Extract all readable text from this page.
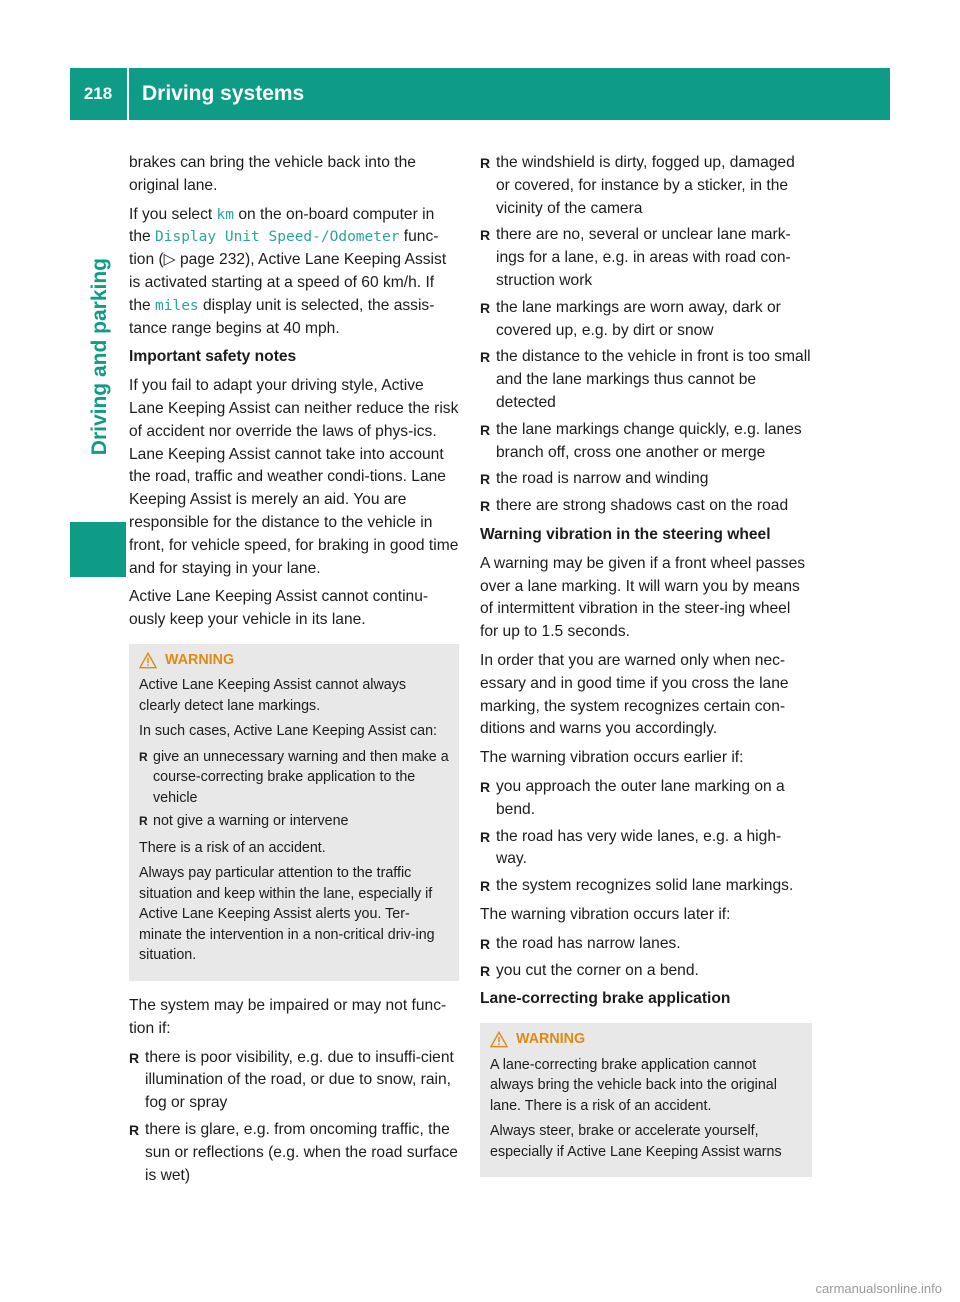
218	Driving systems
Driving and parking

brakes can bring the vehicle back into the original lane.

If you select km on the on-board computer in the Display Unit Speed-/Odometer func-tion (▷ page 232), Active Lane Keeping Assist is activated starting at a speed of 60 km/h. If the miles display unit is selected, the assis-tance range begins at 40 mph.

Important safety notes

If you fail to adapt your driving style, Active Lane Keeping Assist can neither reduce the risk of accident nor override the laws of phys-ics. Lane Keeping Assist cannot take into account the road, traffic and weather condi-tions. Lane Keeping Assist is merely an aid. You are responsible for the distance to the vehicle in front, for vehicle speed, for braking in good time and for staying in your lane.

Active Lane Keeping Assist cannot continu-ously keep your vehicle in its lane.

WARNING

Active Lane Keeping Assist cannot always clearly detect lane markings.

In such cases, Active Lane Keeping Assist can:

R give an unnecessary warning and then make a course-correcting brake application to the vehicle
R not give a warning or intervene

There is a risk of an accident.

Always pay particular attention to the traffic situation and keep within the lane, especially if Active Lane Keeping Assist alerts you. Ter-minate the intervention in a non-critical driv-ing situation.

The system may be impaired or may not func-tion if:

R there is poor visibility, e.g. due to insuffi-cient illumination of the road, or due to snow, rain, fog or spray
R there is glare, e.g. from oncoming traffic, the sun or reflections (e.g. when the road surface is wet)
R the windshield is dirty, fogged up, damaged or covered, for instance by a sticker, in the vicinity of the camera
R there are no, several or unclear lane mark-ings for a lane, e.g. in areas with road con-struction work
R the lane markings are worn away, dark or covered up, e.g. by dirt or snow
R the distance to the vehicle in front is too small and the lane markings thus cannot be detected
R the lane markings change quickly, e.g. lanes branch off, cross one another or merge
R the road is narrow and winding
R there are strong shadows cast on the road
Warning vibration in the steering wheel

A warning may be given if a front wheel passes over a lane marking. It will warn you by means of intermittent vibration in the steer-ing wheel for up to 1.5 seconds.

In order that you are warned only when nec-essary and in good time if you cross the lane marking, the system recognizes certain con-ditions and warns you accordingly.

The warning vibration occurs earlier if:

R you approach the outer lane marking on a bend.
R the road has very wide lanes, e.g. a high-way.
R the system recognizes solid lane markings.

The warning vibration occurs later if:

R the road has narrow lanes.
R you cut the corner on a bend.
Lane-correcting brake application
WARNING

A lane-correcting brake application cannot always bring the vehicle back into the original lane. There is a risk of an accident.

Always steer, brake or accelerate yourself, especially if Active Lane Keeping Assist warns

carmanualsonline.info
